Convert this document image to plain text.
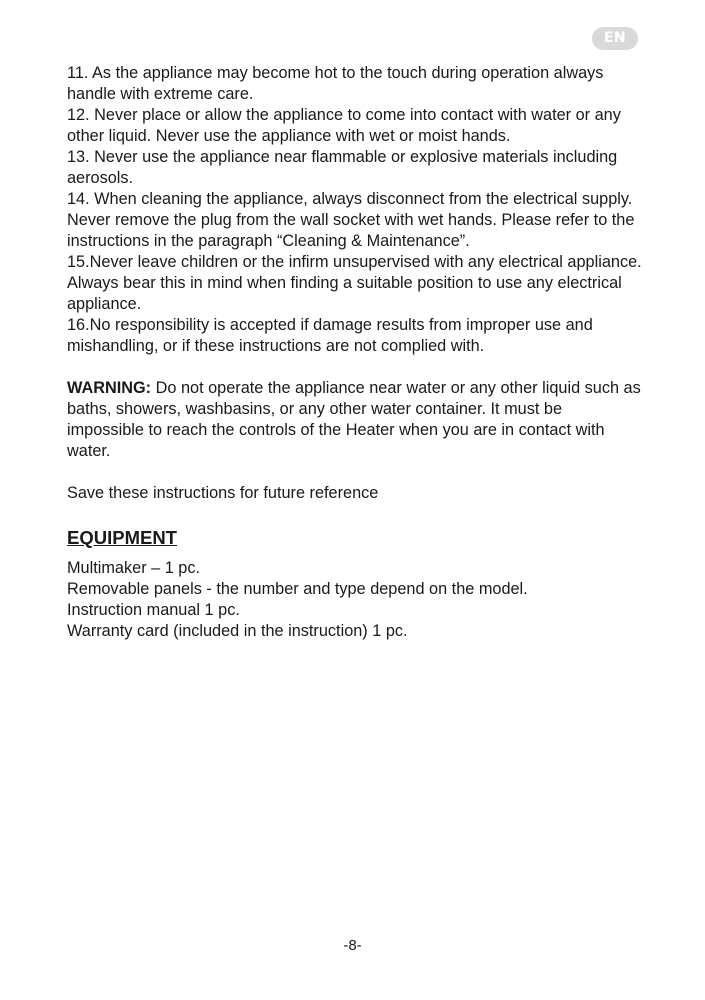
EN

11. As the appliance may become hot to the touch during operation always handle with extreme care.

12. Never place or allow the appliance to come into contact with water or any other liquid. Never use the appliance with wet or moist hands.

13. Never use the appliance near flammable or explosive materials including aerosols.

14. When cleaning the appliance, always disconnect from the electrical supply. Never remove the plug from the wall socket with wet hands. Please refer to the instructions in the paragraph “Cleaning & Maintenance”.

15.Never leave children or the infirm unsupervised with any electrical appliance. Always bear this in mind when finding a suitable position to use any electrical appliance.

16.No responsibility is accepted if damage results from improper use and mishandling, or if these instructions are not complied with.

WARNING: Do not operate the appliance near water or any other liquid such as baths, showers, washbasins, or any other water container. It must be impossible to reach the controls of the Heater when you are in contact with water.

Save these instructions for future reference

EQUIPMENT

Multimaker – 1 pc.

Removable panels - the number and type depend on the model.

Instruction manual 1 pc.

Warranty card (included in the instruction) 1 pc.

-8-
